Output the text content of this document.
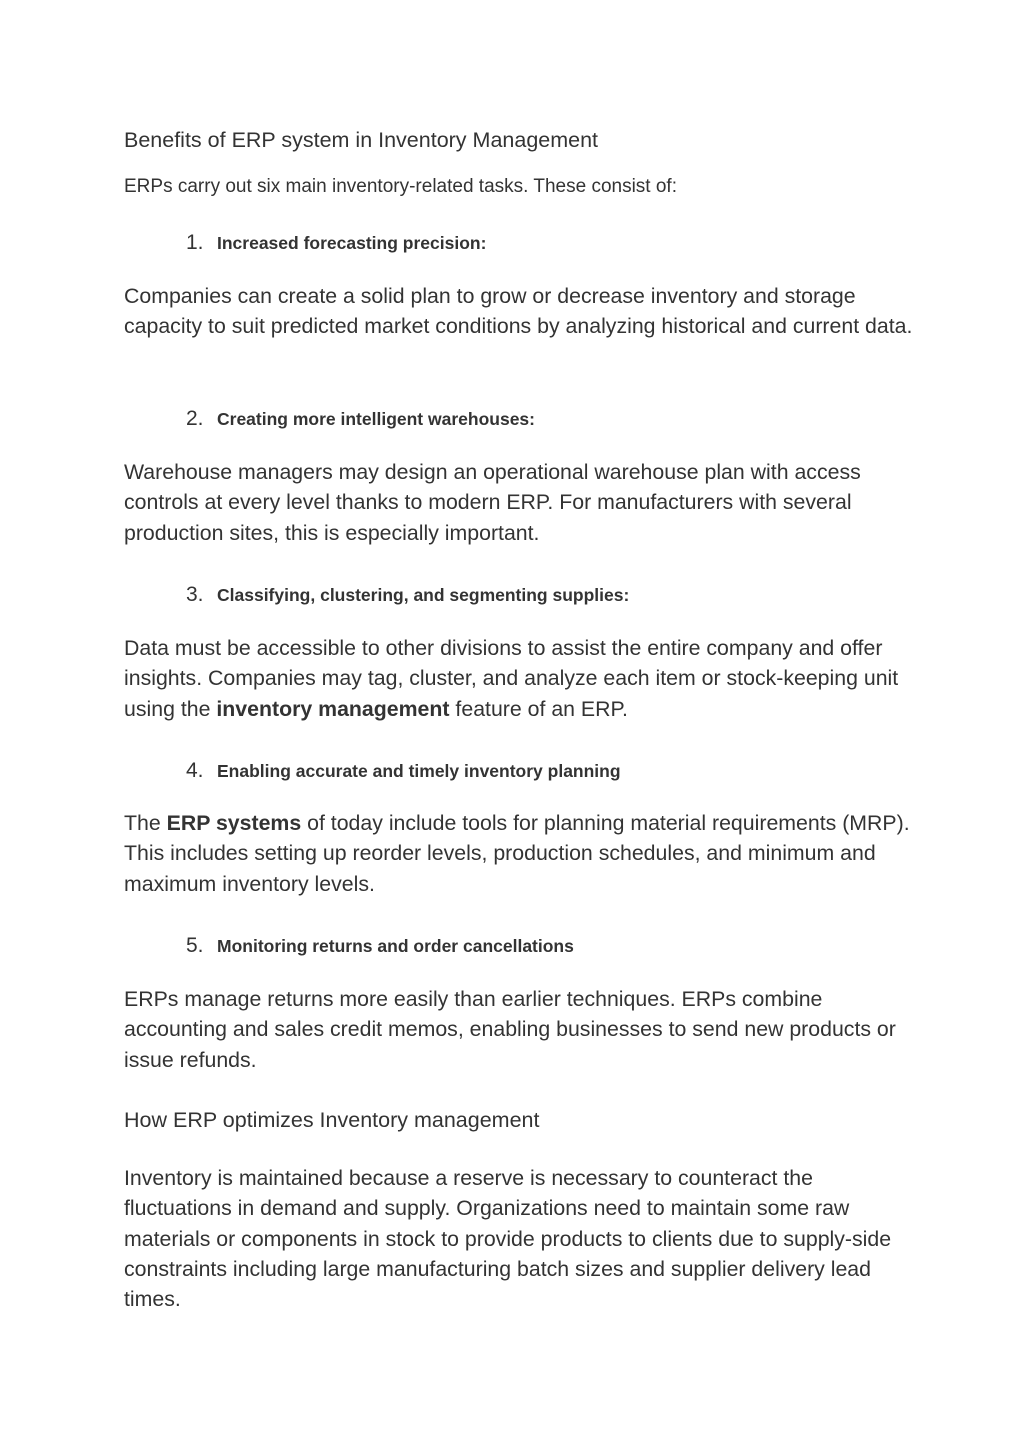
Benefits of ERP system in Inventory Management

ERPs carry out six main inventory-related tasks. These consist of:

1. Increased forecasting precision:

Companies can create a solid plan to grow or decrease inventory and storage capacity to suit predicted market conditions by analyzing historical and current data.

2. Creating more intelligent warehouses:

Warehouse managers may design an operational warehouse plan with access controls at every level thanks to modern ERP. For manufacturers with several production sites, this is especially important.

3. Classifying, clustering, and segmenting supplies:

Data must be accessible to other divisions to assist the entire company and offer insights. Companies may tag, cluster, and analyze each item or stock-keeping unit using the inventory management feature of an ERP.

4. Enabling accurate and timely inventory planning

The ERP systems of today include tools for planning material requirements (MRP). This includes setting up reorder levels, production schedules, and minimum and maximum inventory levels.

5. Monitoring returns and order cancellations

ERPs manage returns more easily than earlier techniques. ERPs combine accounting and sales credit memos, enabling businesses to send new products or issue refunds.

How ERP optimizes Inventory management

Inventory is maintained because a reserve is necessary to counteract the fluctuations in demand and supply. Organizations need to maintain some raw materials or components in stock to provide products to clients due to supply-side constraints including large manufacturing batch sizes and supplier delivery lead times.
